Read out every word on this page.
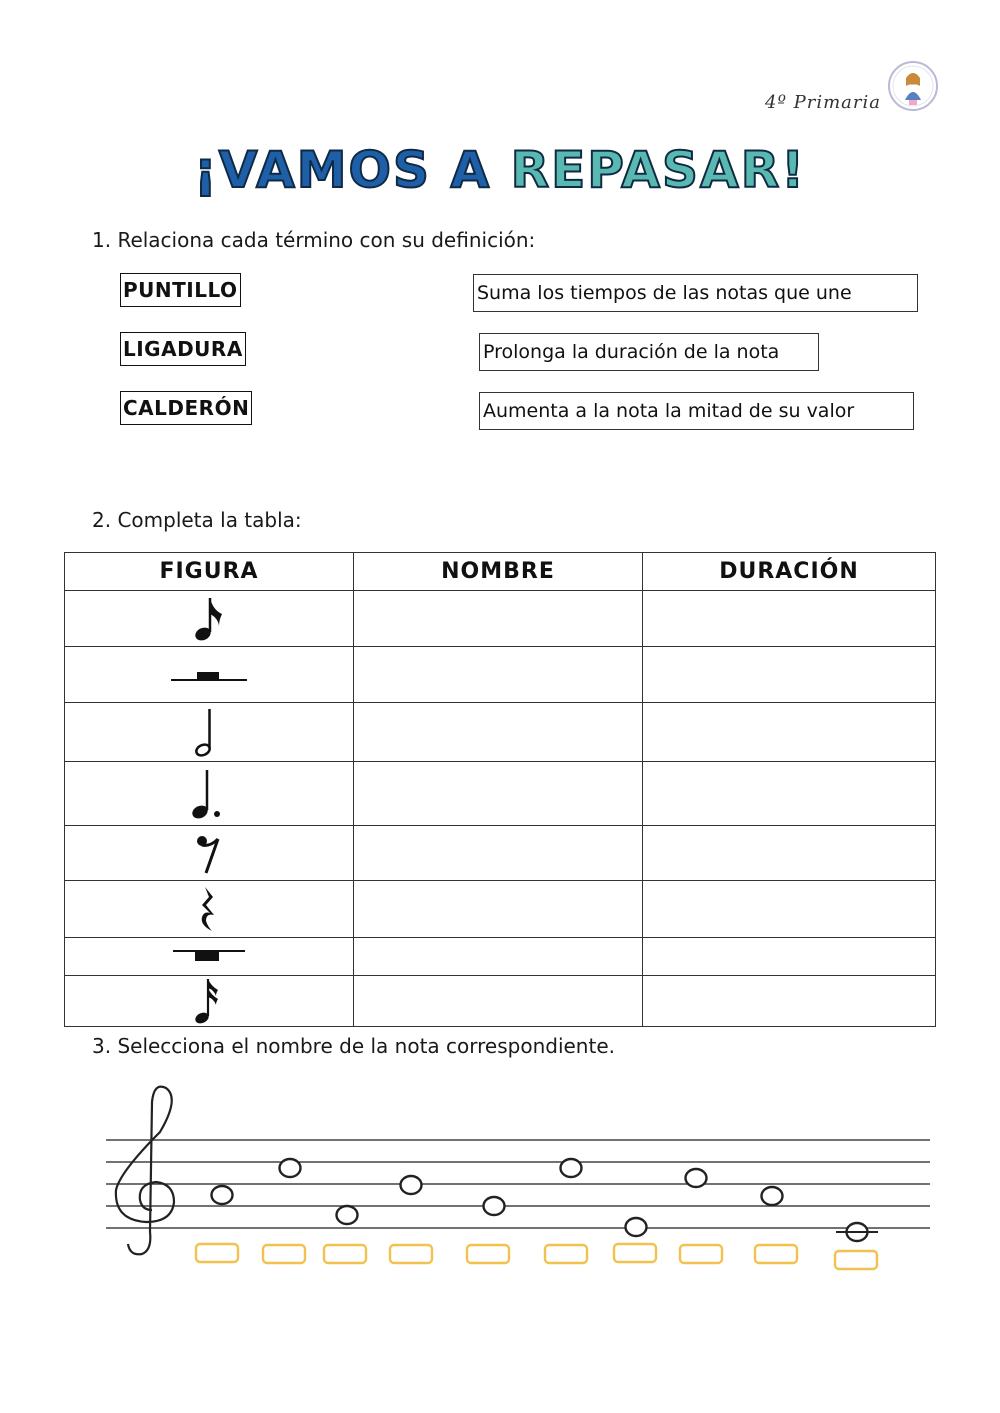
4º Primaria
¡VAMOS A REPASAR!
1. Relaciona cada término con su definición:
PUNTILLO
LIGADURA
CALDERÓN
Suma los tiempos de las notas que une
Prolonga la duración de la nota
Aumenta a la nota la mitad de su valor
2. Completa la tabla:
FIGURA	NOMBRE	DURACIÓN

3. Selecciona el nombre de la nota correspondiente.
